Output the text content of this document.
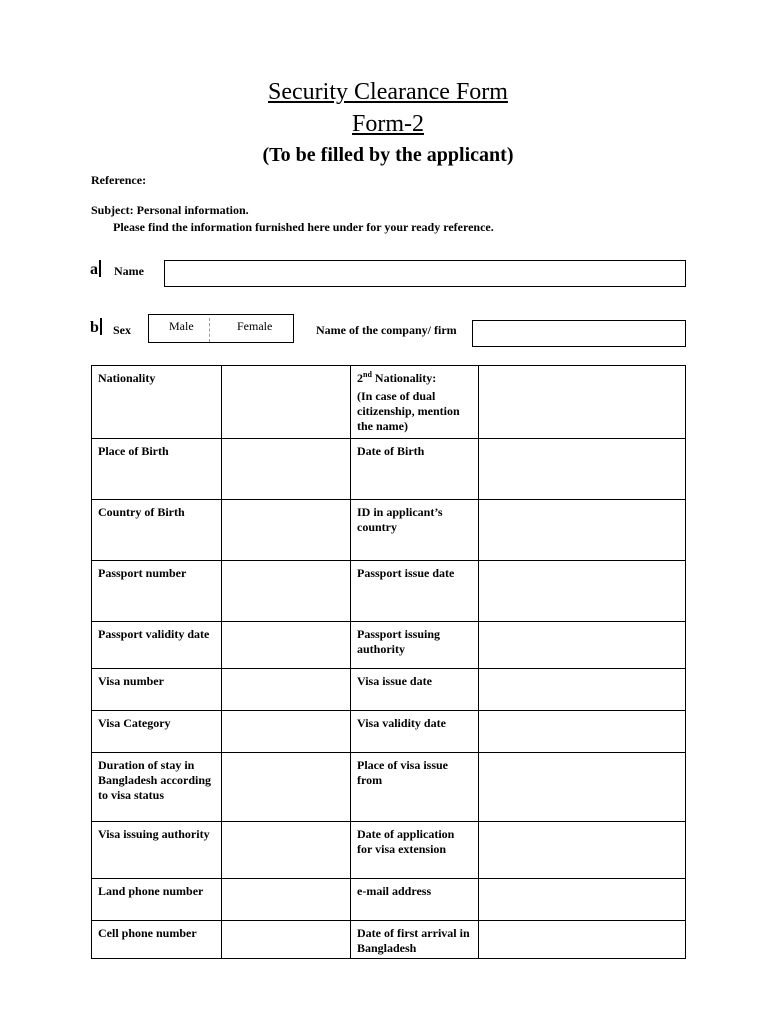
Security Clearance Form
Form-2
(To be filled by the applicant)
Reference:
Subject: Personal information.
Please find the information furnished here under for your ready reference.
a Name
b Sex	Male	Female	Name of the company/ firm
Nationality		2nd Nationality:
(In case of dual citizenship, mention the name)	

Place of Birth		Date of Birth	
Country of Birth		ID in applicant’s country	
Passport number		Passport issue date	
Passport validity date		Passport issuing authority	
Visa number		Visa issue date	
Visa Category		Visa validity date	
Duration of stay in Bangladesh according to visa status		Place of visa issue from	
Visa issuing authority		Date of application for visa extension	
Land phone number		e-mail address	
Cell phone number		Date of first arrival in Bangladesh	
